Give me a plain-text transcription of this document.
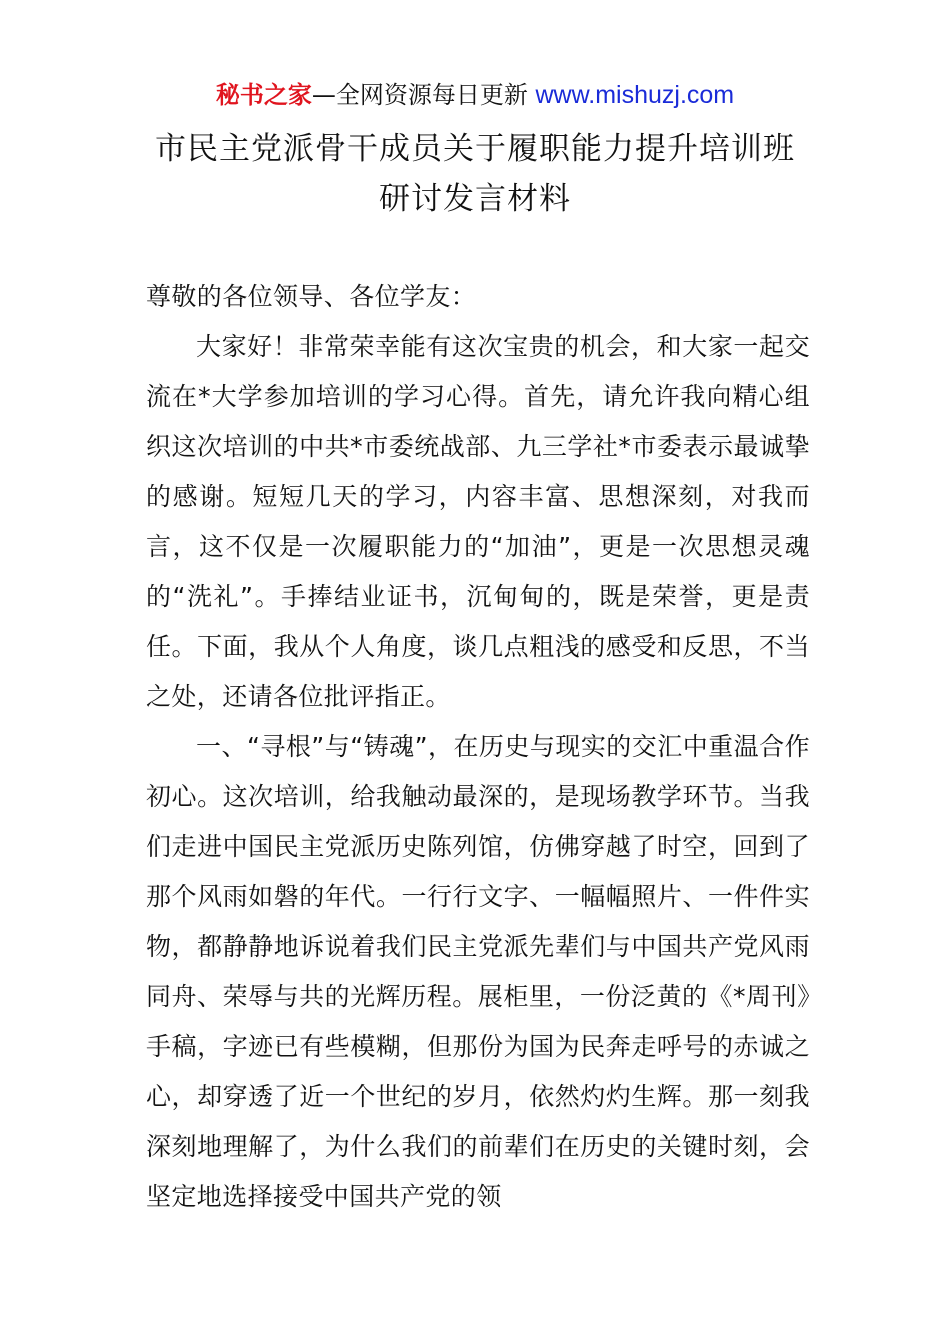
秘书之家—全网资源每日更新 www.mishuzj.com
市民主党派骨干成员关于履职能力提升培训班
研讨发言材料

尊敬的各位领导、各位学友：

大家好！非常荣幸能有这次宝贵的机会，和大家一起交流在*大学参加培训的学习心得。首先，请允许我向精心组织这次培训的中共*市委统战部、九三学社*市委表示最诚挚的感谢。短短几天的学习，内容丰富、思想深刻，对我而言，这不仅是一次履职能力的“加油”，更是一次思想灵魂的“洗礼”。手捧结业证书，沉甸甸的，既是荣誉，更是责任。下面，我从个人角度，谈几点粗浅的感受和反思，不当之处，还请各位批评指正。

一、“寻根”与“铸魂”，在历史与现实的交汇中重温合作初心。这次培训，给我触动最深的，是现场教学环节。当我们走进中国民主党派历史陈列馆，仿佛穿越了时空，回到了那个风雨如磐的年代。一行行文字、一幅幅照片、一件件实物，都静静地诉说着我们民主党派先辈们与中国共产党风雨同舟、荣辱与共的光辉历程。展柜里，一份泛黄的《*周刊》手稿，字迹已有些模糊，但那份为国为民奔走呼号的赤诚之心，却穿透了近一个世纪的岁月，依然灼灼生辉。那一刻我深刻地理解了，为什么我们的前辈们在历史的关键时刻，会坚定地选择接受中国共产党的领
